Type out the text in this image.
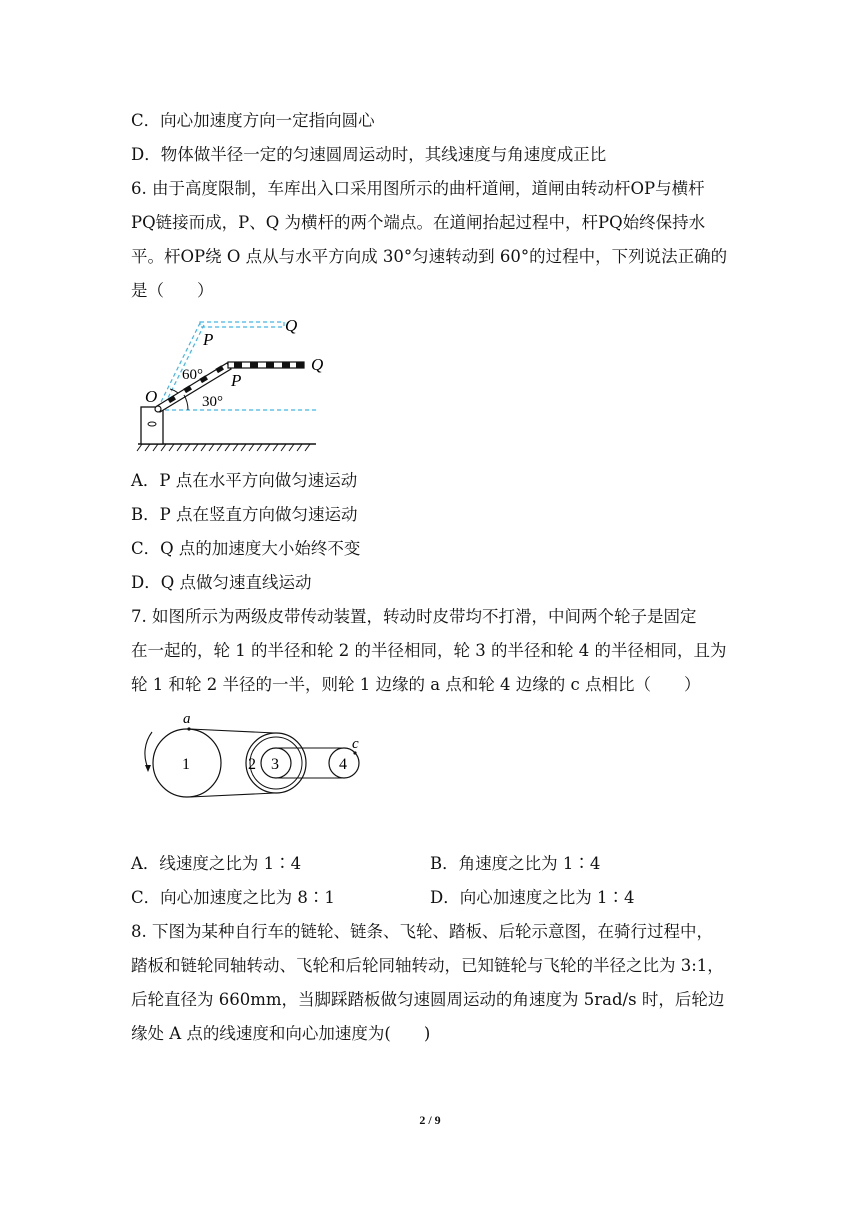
C．向心加速度方向一定指向圆心
D．物体做半径一定的匀速圆周运动时，其线速度与角速度成正比
6. 由于高度限制，车库出入口采用图所示的曲杆道闸，道闸由转动杆OP与横杆
PQ链接而成，P、Q 为横杆的两个端点。在道闸抬起过程中，杆PQ始终保持水
平。杆OP绕 O 点从与水平方向成 30°匀速转动到 60°的过程中，下列说法正确的
是（　　）
Q
P
Q
P
O
60°
30°
A．P 点在水平方向做匀速运动
B．P 点在竖直方向做匀速运动
C．Q 点的加速度大小始终不变
D．Q 点做匀速直线运动
7. 如图所示为两级皮带传动装置，转动时皮带均不打滑，中间两个轮子是固定
在一起的，轮 1 的半径和轮 2 的半径相同，轮 3 的半径和轮 4 的半径相同，且为
轮 1 和轮 2 半径的一半，则轮 1 边缘的 a 点和轮 4 边缘的 c 点相比（　　）
a
c
1	2 3	4
A．线速度之比为 1∶4	B．角速度之比为 1∶4
C．向心加速度之比为 8∶1	D．向心加速度之比为 1∶4
8. 下图为某种自行车的链轮、链条、飞轮、踏板、后轮示意图，在骑行过程中，
踏板和链轮同轴转动、飞轮和后轮同轴转动，已知链轮与飞轮的半径之比为 3:1，
后轮直径为 660mm，当脚踩踏板做匀速圆周运动的角速度为 5rad/s 时，后轮边
缘处 A 点的线速度和向心加速度为(　　)
2 / 9
